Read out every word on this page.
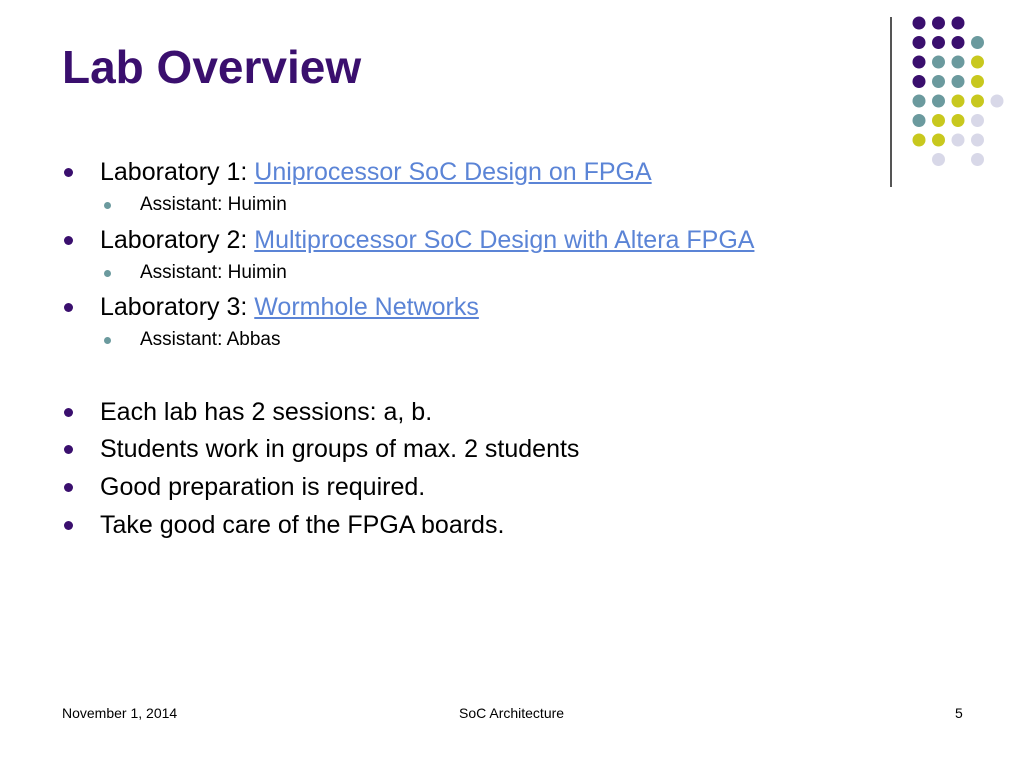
Lab Overview
Laboratory 1: Uniprocessor SoC Design on FPGA
Assistant: Huimin
Laboratory 2: Multiprocessor SoC Design with Altera FPGA
Assistant: Huimin
Laboratory 3: Wormhole Networks
Assistant: Abbas
Each lab has 2 sessions: a, b.
Students work in groups of max. 2 students
Good preparation is required.
Take good care of the FPGA boards.
November 1, 2014	SoC Architecture	5
